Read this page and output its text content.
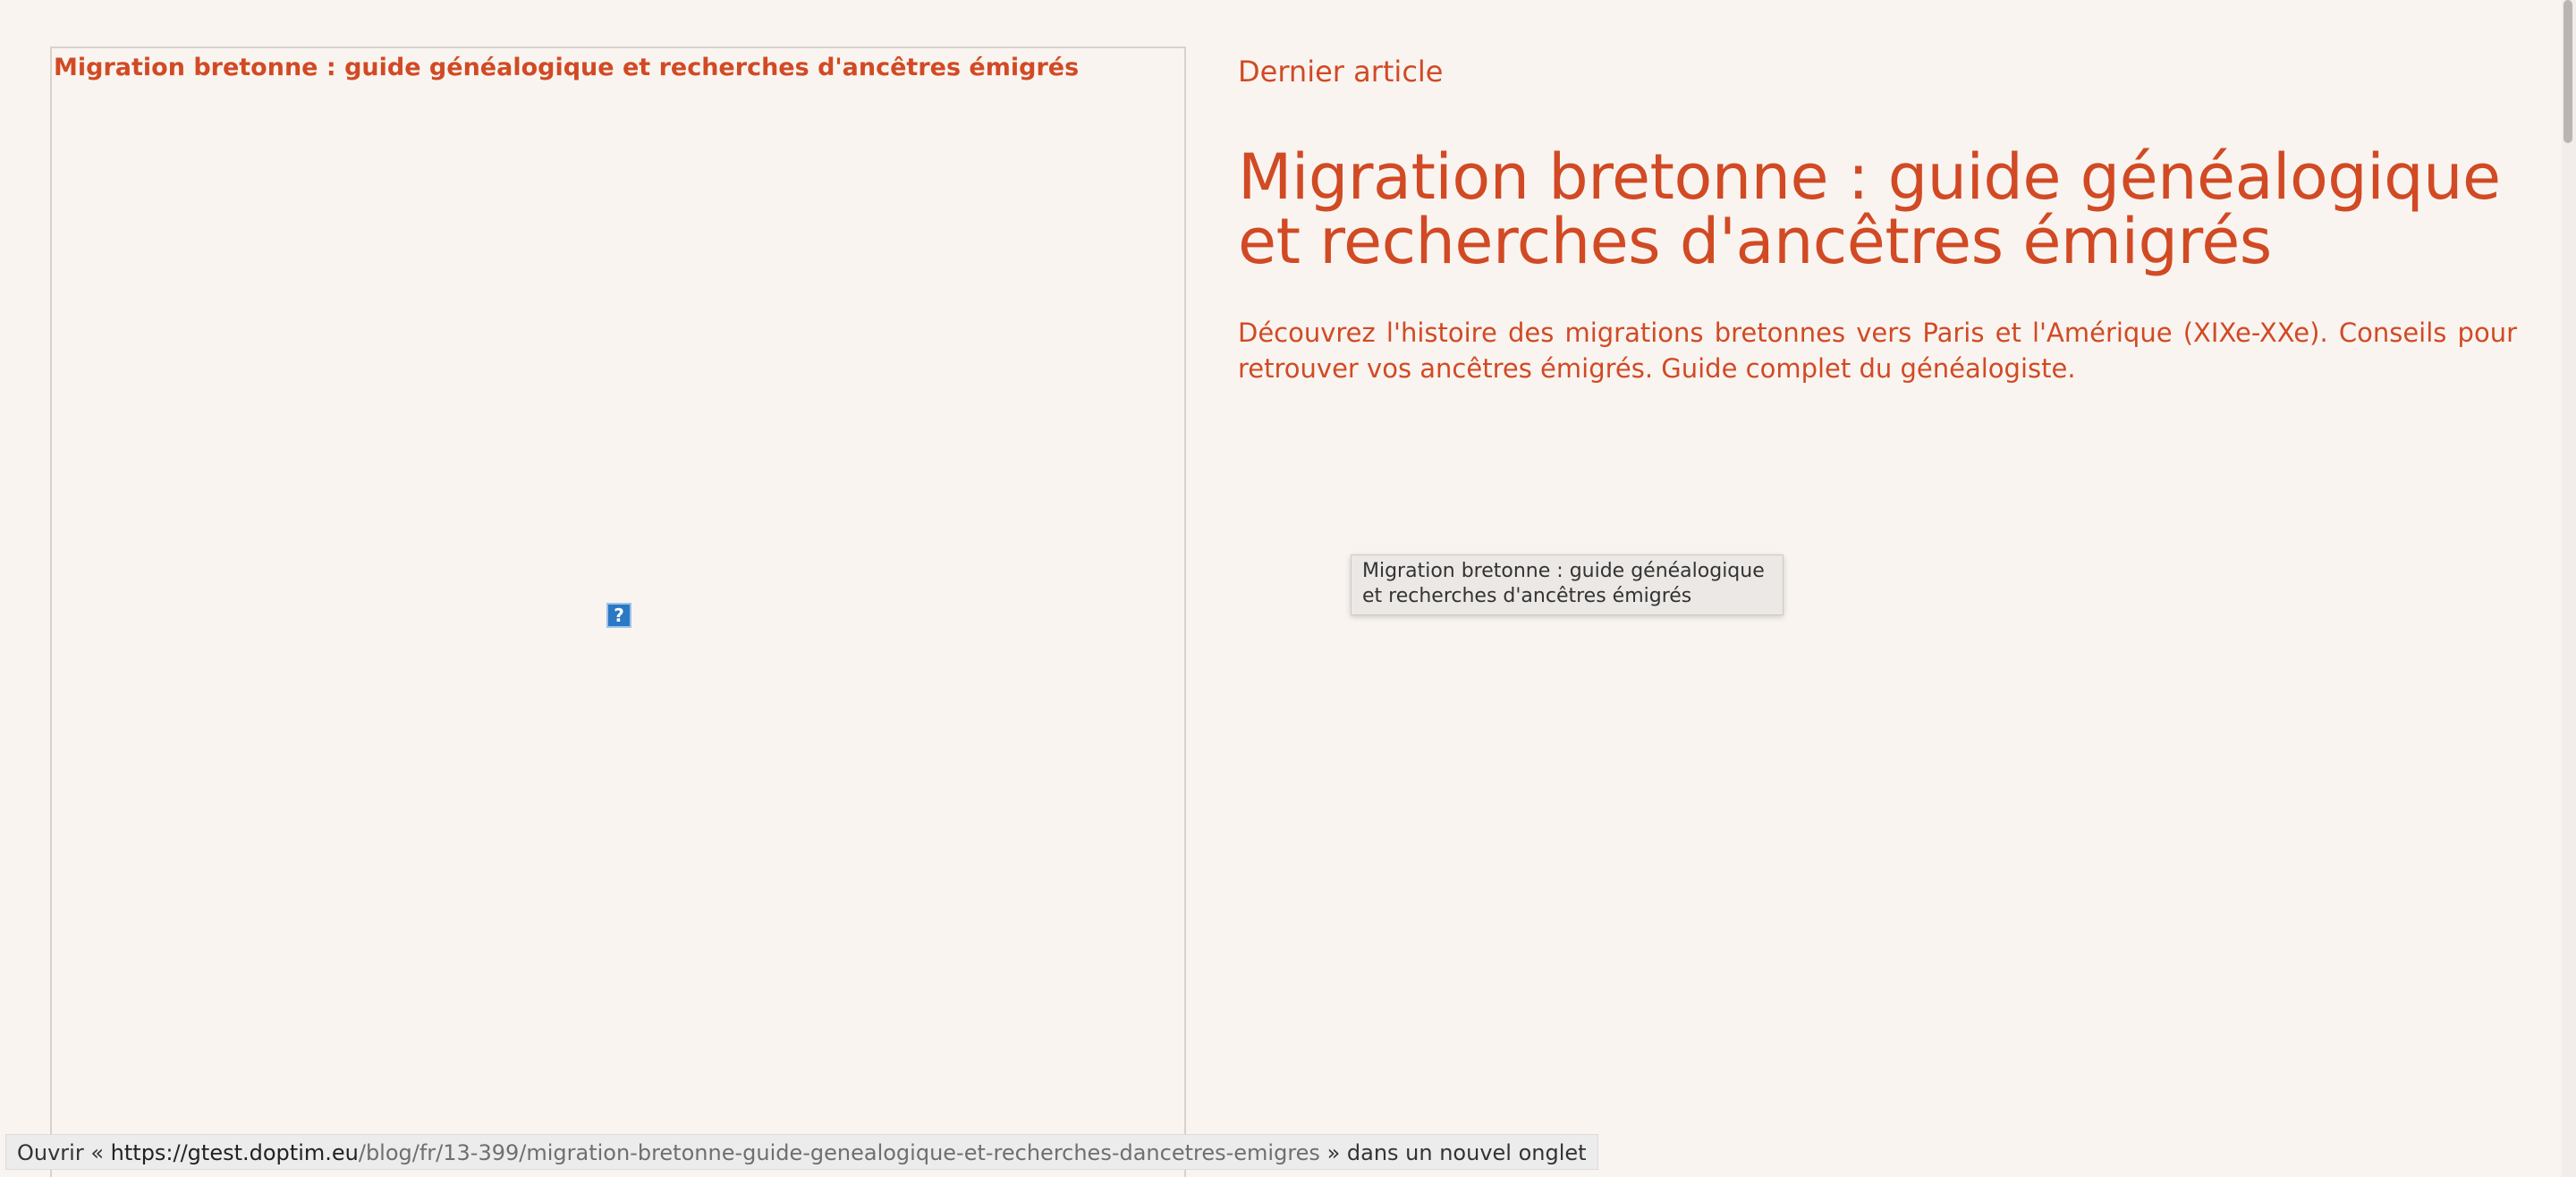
Migration bretonne : guide généalogique et recherches d'ancêtres émigrés
?

Dernier article

Migration bretonne : guide généalogique et recherches d'ancêtres émigrés

Découvrez l'histoire des migrations bretonnes vers Paris et l'Amérique (XIXe-XXe). Conseils pour retrouver vos ancêtres émigrés. Guide complet du généalogiste.

Migration bretonne : guide généalogique et recherches d'ancêtres émigrés
Ouvrir « https://gtest.doptim.eu/blog/fr/13-399/migration-bretonne-guide-genealogique-et-recherches-dancetres-emigres » dans un nouvel onglet
